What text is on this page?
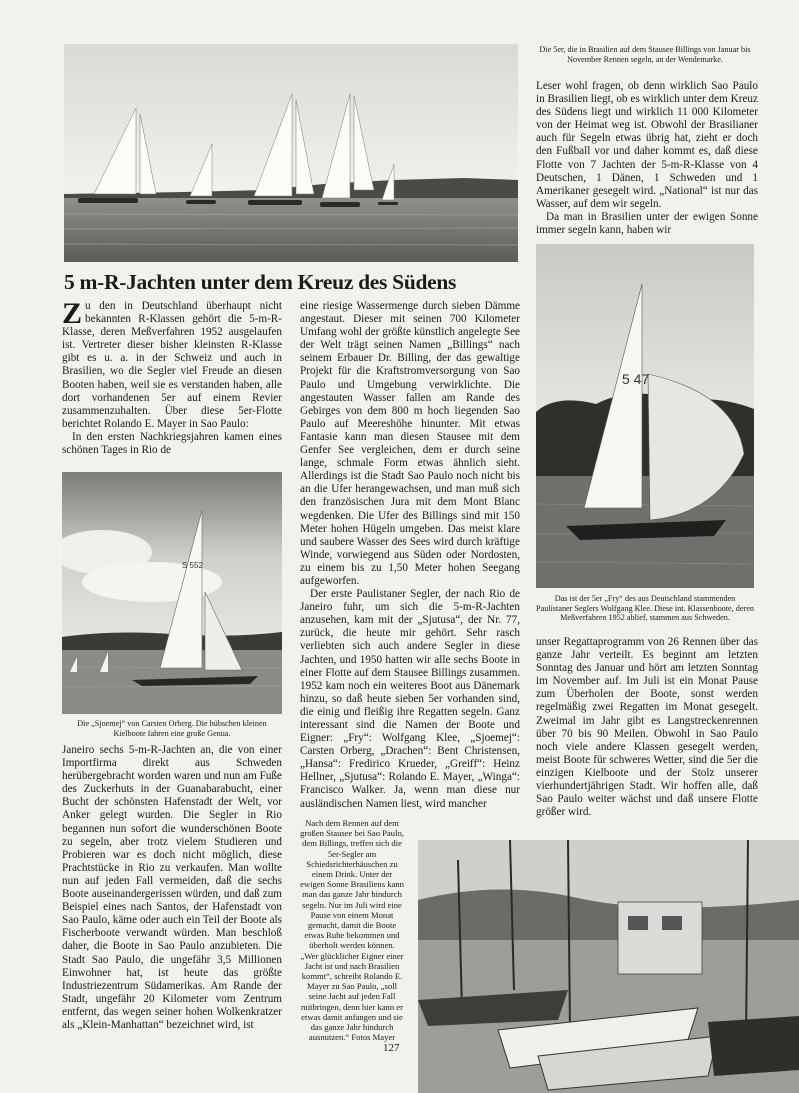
Die 5er, die in Brasilien auf dem Stausee Billings von Januar bis November Rennen segeln, an der Wendemarke.
5 m-R-Jachten unter dem Kreuz des Südens

Zu den in Deutschland überhaupt nicht bekannten R-Klassen gehört die 5-m-R-Klasse, deren Meßverfahren 1952 ausgelaufen ist. Vertreter dieser bisher kleinsten R-Klasse gibt es u. a. in der Schweiz und auch in Brasilien, wo die Segler viel Freude an diesen Booten haben, weil sie es verstanden haben, alle dort vorhandenen 5er auf einem Revier zusammenzuhalten. Über diese 5er-Flotte berichtet Rolando E. Mayer in Sao Paulo:

In den ersten Nachkriegsjahren kamen eines schönen Tages in Rio de

S 552
Die „Sjoemej“ von Carsten Orberg. Die hübschen kleinen Kielboote fahren eine große Genua.

Janeiro sechs 5-m-R-Jachten an, die von einer Importfirma direkt aus Schweden herübergebracht worden waren und nun am Fuße des Zuckerhuts in der Guanabarabucht, einer Bucht der schönsten Hafenstadt der Welt, vor Anker gelegt wurden. Die Segler in Rio begannen nun sofort die wunderschönen Boote zu segeln, aber trotz vielem Studieren und Probieren war es doch nicht möglich, diese Prachtstücke in Rio zu verkaufen. Man wollte nun auf jeden Fall vermeiden, daß die sechs Boote auseinandergerissen würden, und daß zum Beispiel eines nach Santos, der Hafenstadt von Sao Paulo, käme oder auch ein Teil der Boote als Fischerboote verwandt würden. Man beschloß daher, die Boote in Sao Paulo anzubieten. Die Stadt Sao Paulo, die ungefähr 3,5 Millionen Einwohner hat, ist heute das größte Industriezentrum Südamerikas. Am Rande der Stadt, ungefähr 20 Kilometer vom Zentrum entfernt, das wegen seiner hohen Wolkenkratzer als „Klein-Manhattan“ bezeichnet wird, ist

eine riesige Wassermenge durch sieben Dämme angestaut. Dieser mit seinen 700 Kilometer Umfang wohl der größte künstlich angelegte See der Welt trägt seinen Namen „Billings“ nach seinem Erbauer Dr. Billing, der das gewaltige Projekt für die Kraftstromversorgung von Sao Paulo und Umgebung verwirklichte. Die angestauten Wasser fallen am Rande des Gebirges von dem 800 m hoch liegenden Sao Paulo auf Meereshöhe hinunter. Mit etwas Fantasie kann man diesen Stausee mit dem Genfer See vergleichen, dem er durch seine lange, schmale Form etwas ähnlich sieht. Allerdings ist die Stadt Sao Paulo noch nicht bis an die Ufer herangewachsen, und man muß sich den französischen Jura mit dem Mont Blanc wegdenken. Die Ufer des Billings sind mit 150 Meter hohen Hügeln umgeben. Das meist klare und saubere Wasser des Sees wird durch kräftige Winde, vorwiegend aus Süden oder Nordosten, zu einem bis zu 1,50 Meter hohen Seegang aufgeworfen.

Der erste Paulistaner Segler, der nach Rio de Janeiro fuhr, um sich die 5-m-R-Jachten anzusehen, kam mit der „Sjutusa“, der Nr. 77, zurück, die heute mir gehört. Sehr rasch verliebten sich auch andere Segler in diese Jachten, und 1950 hatten wir alle sechs Boote in einer Flotte auf dem Stausee Billings zusammen. 1952 kam noch ein weiteres Boot aus Dänemark hinzu, so daß heute sieben 5er vorhanden sind, die einig und fleißig ihre Regatten segeln. Ganz interessant sind die Namen der Boote und Eigner: „Fry“: Wolfgang Klee, „Sjoemej“: Carsten Orberg, „Drachen“: Bent Christensen, „Hansa“: Fredirico Krueder, „Greiff“: Heinz Hellner, „Sjutusa“: Rolando E. Mayer, „Winga“: Francisco Walker. Ja, wenn man diese nur ausländischen Namen liest, wird mancher

Leser wohl fragen, ob denn wirklich Sao Paulo in Brasilien liegt, ob es wirklich unter dem Kreuz des Südens liegt und wirklich 11 000 Kilometer von der Heimat weg ist. Obwohl der Brasilianer auch für Segeln etwas übrig hat, zieht er doch den Fußball vor und daher kommt es, daß diese Flotte von 7 Jachten der 5-m-R-Klasse von 4 Deutschen, 1 Dänen, 1 Schweden und 1 Amerikaner gesegelt wird. „National“ ist nur das Wasser, auf dem wir segeln.

Da man in Brasilien unter der ewigen Sonne immer segeln kann, haben wir

5 47
Das ist der 5er „Fry“ des aus Deutschland stammenden Paulistaner Seglers Wolfgang Klee. Diese int. Klassenboote, deren Meßverfahren 1952 ablief, stammen aus Schweden.

unser Regattaprogramm von 26 Rennen über das ganze Jahr verteilt. Es beginnt am letzten Sonntag des Januar und hört am letzten Sonntag im November auf. Im Juli ist ein Monat Pause zum Überholen der Boote, sonst werden regelmäßig zwei Regatten im Monat gesegelt. Zweimal im Jahr gibt es Langstreckenrennen über 70 bis 90 Meilen. Obwohl in Sao Paulo noch viele andere Klassen gesegelt werden, meist Boote für schweres Wetter, sind die 5er die einzigen Kielboote und der Stolz unserer vierhundertjährigen Stadt. Wir hoffen alle, daß Sao Paulo weiter wächst und daß unsere Flotte größer wird.

Nach dem Rennen auf dem großen Stausee bei Sao Paulo, dem Billings, treffen sich die 5er-Segler am Schiedsrichterhäuschen zu einem Drink. Unter der ewigen Sonne Brasiliens kann man das ganze Jahr hindurch segeln. Nur im Juli wird eine Pause von einem Monat gemacht, damit die Boote etwas Ruhe bekommen und überholt werden können. „Wer glücklicher Eigner einer Jacht ist und nach Brasilien kommt“, schreibt Rolando E. Mayer zu Sao Paulo, „soll seine Jacht auf jeden Fall mitbringen, denn hier kann er etwas damit anfangen und sie das ganze Jahr hindurch ausnutzen.“ Fotos Mayer
127
